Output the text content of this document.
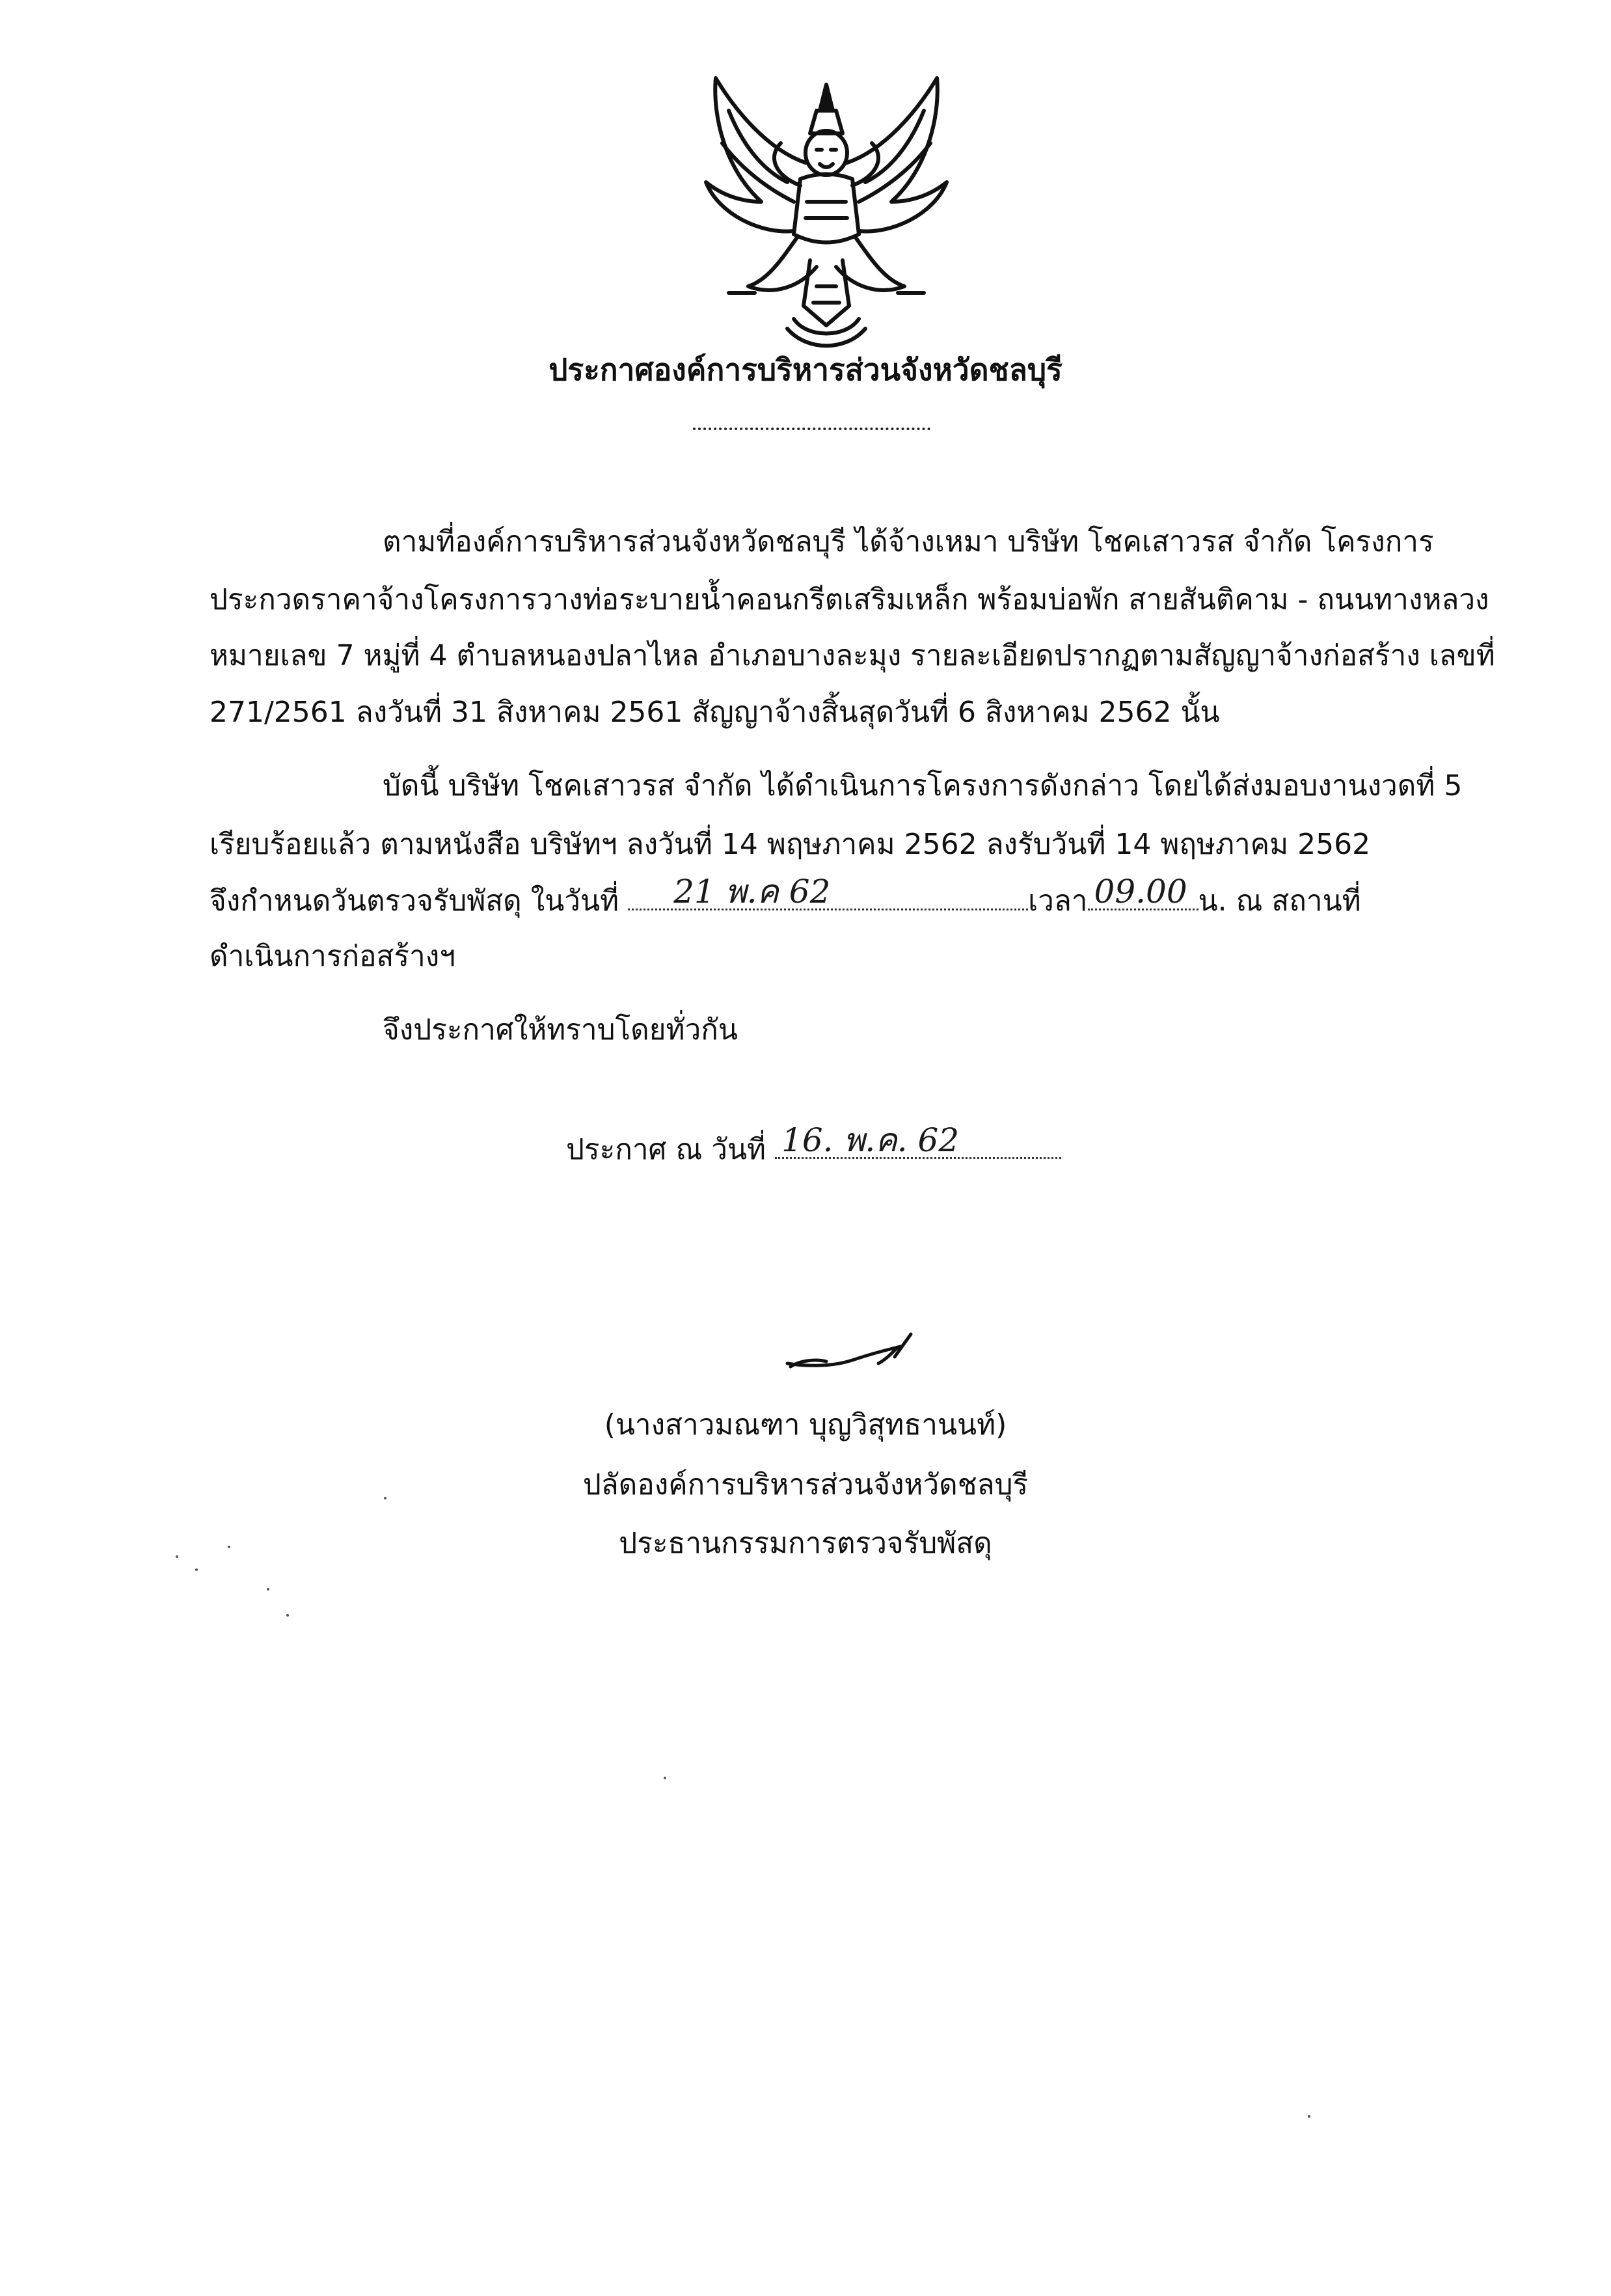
ประกาศองค์การบริหารส่วนจังหวัดชลบุรี
ตามที่องค์การบริหารส่วนจังหวัดชลบุรี ได้จ้างเหมา บริษัท โชคเสาวรส จำกัด โครงการ
ประกวดราคาจ้างโครงการวางท่อระบายน้ำคอนกรีตเสริมเหล็ก พร้อมบ่อพัก สายสันติคาม - ถนนทางหลวง
หมายเลข 7 หมู่ที่ 4 ตำบลหนองปลาไหล อำเภอบางละมุง รายละเอียดปรากฏตามสัญญาจ้างก่อสร้าง เลขที่
271/2561 ลงวันที่ 31 สิงหาคม 2561 สัญญาจ้างสิ้นสุดวันที่ 6 สิงหาคม 2562 นั้น
บัดนี้ บริษัท โชคเสาวรส จำกัด ได้ดำเนินการโครงการดังกล่าว โดยได้ส่งมอบงานงวดที่ 5
เรียบร้อยแล้ว ตามหนังสือ บริษัทฯ ลงวันที่ 14 พฤษภาคม 2562 ลงรับวันที่ 14 พฤษภาคม 2562
จึงกำหนดวันตรวจรับพัสดุ ในวันที่ 21 พ.ค 62	เวลา 09.00 น. ณ สถานที่
ดำเนินการก่อสร้างฯ
จึงประกาศให้ทราบโดยทั่วกัน
ประกาศ ณ วันที่ 16. พ.ค. 62
(นางสาวมณฑา บุญวิสุทธานนท์)
ปลัดองค์การบริหารส่วนจังหวัดชลบุรี
ประธานกรรมการตรวจรับพัสดุ
